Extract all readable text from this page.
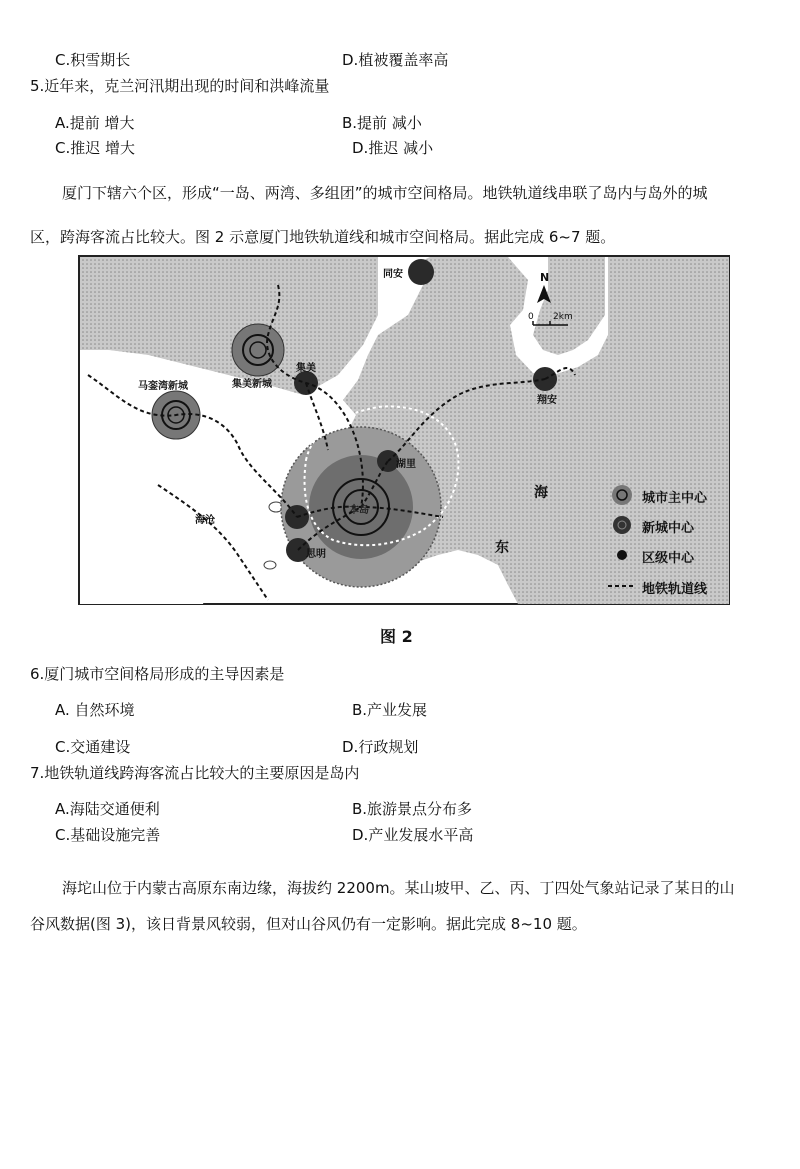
C.积雪期长	D.植被覆盖率高
5.近年来，克兰河汛期出现的时间和洪峰流量
A.提前 增大	B.提前 减小
C.推迟 增大	D.推迟 减小
厦门下辖六个区，形成“一岛、两湾、多组团”的城市空间格局。地铁轨道线串联了岛内与岛外的城
区，跨海客流占比较大。图 2 示意厦门地铁轨道线和城市空间格局。据此完成 6~7 题。
同安
马銮湾新城	集美新城
集美
翔安
湖里
思明
海沧
本岛
海
东
N
0 2km
城市主中心
新城中心
区级中心
地铁轨道线
图 2
6.厦门城市空间格局形成的主导因素是
A. 自然环境	B.产业发展
C.交通建设	D.行政规划
7.地铁轨道线跨海客流占比较大的主要原因是岛内
A.海陆交通便利	B.旅游景点分布多
C.基础设施完善	D.产业发展水平高
海坨山位于内蒙古高原东南边缘，海拔约 2200m。某山坡甲、乙、丙、丁四处气象站记录了某日的山
谷风数据(图 3)，该日背景风较弱，但对山谷风仍有一定影响。据此完成 8~10 题。
